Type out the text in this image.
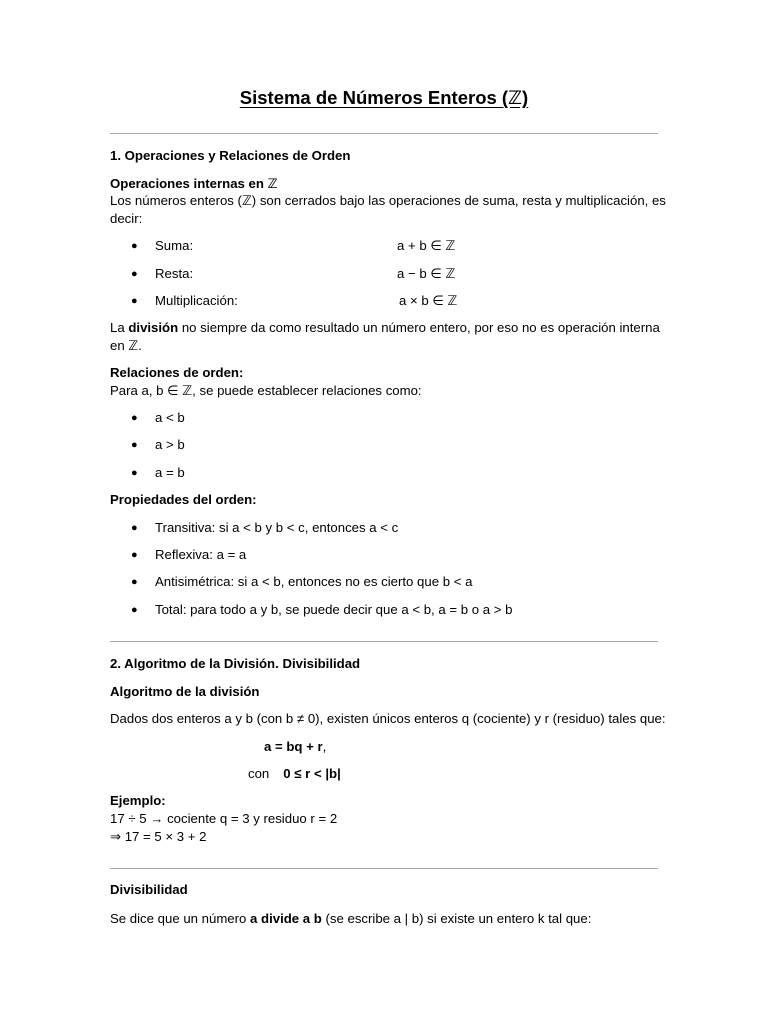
Sistema de Números Enteros (ℤ)
1. Operaciones y Relaciones de Orden
Operaciones internas en ℤ
Los números enteros (ℤ) son cerrados bajo las operaciones de suma, resta y multiplicación, es
decir:
● Suma:	a + b ∈ ℤ
● Resta:	a − b ∈ ℤ
● Multiplicación:	a × b ∈ ℤ
La división no siempre da como resultado un número entero, por eso no es operación interna
en ℤ.
Relaciones de orden:
Para a, b ∈ ℤ, se puede establecer relaciones como:
● a < b
● a > b
● a = b
Propiedades del orden:
● Transitiva: si a < b y b < c, entonces a < c
● Reflexiva: a = a
● Antisimétrica: si a < b, entonces no es cierto que b < a
● Total: para todo a y b, se puede decir que a < b, a = b o a > b
2. Algoritmo de la División. Divisibilidad
Algoritmo de la división
Dados dos enteros a y b (con b ≠ 0), existen únicos enteros q (cociente) y r (residuo) tales que:
a = bq + r,
con 0 ≤ r < |b|
Ejemplo:
17 ÷ 5 → cociente q = 3 y residuo r = 2
⇒ 17 = 5 × 3 + 2
Divisibilidad
Se dice que un número a divide a b (se escribe a | b) si existe un entero k tal que:
